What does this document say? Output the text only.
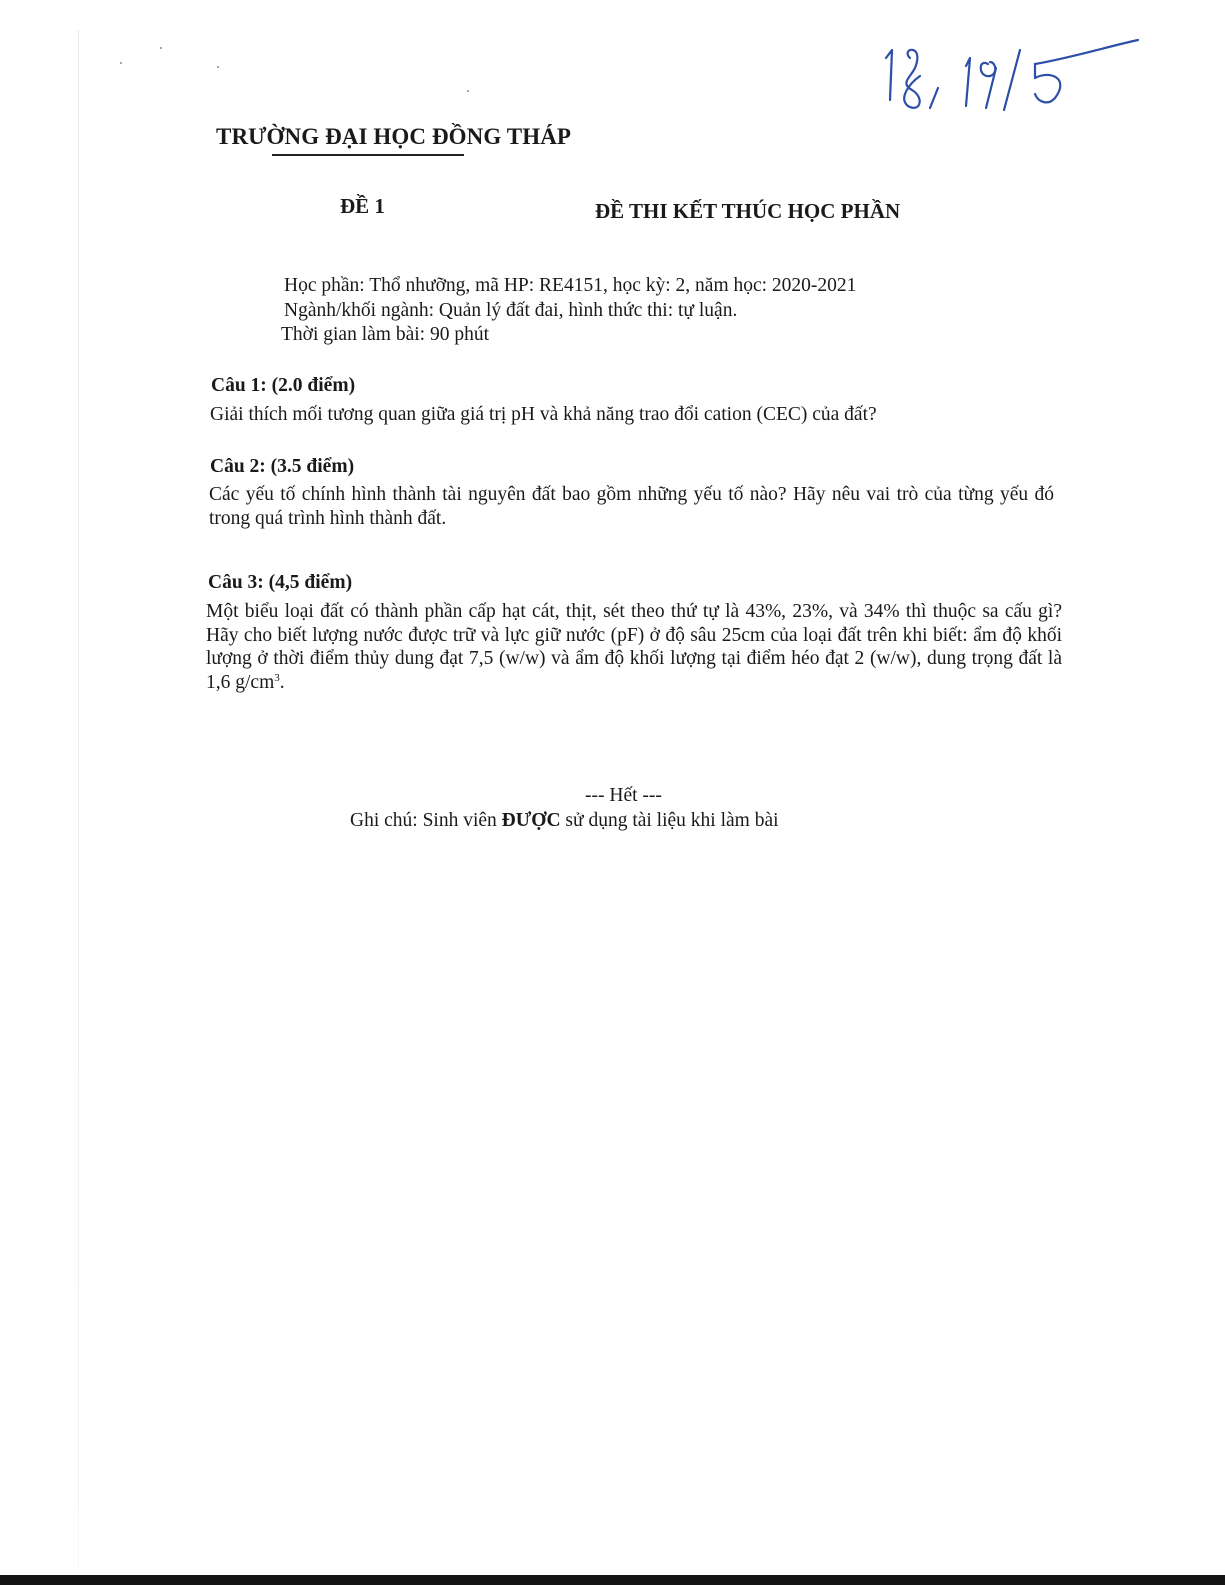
TRƯỜNG ĐẠI HỌC ĐỒNG THÁP
ĐỀ 1	ĐỀ THI KẾT THÚC HỌC PHẦN
Học phần: Thổ nhưỡng, mã HP: RE4151, học kỳ: 2, năm học: 2020-2021
Ngành/khối ngành: Quản lý đất đai, hình thức thi: tự luận.
Thời gian làm bài: 90 phút
Câu 1: (2.0 điểm)
Giải thích mối tương quan giữa giá trị pH và khả năng trao đổi cation (CEC) của đất?
Câu 2: (3.5 điểm)
Các yếu tố chính hình thành tài nguyên đất bao gồm những yếu tố nào? Hãy nêu vai trò của từng yếu đó trong quá trình hình thành đất.
Câu 3: (4,5 điểm)
Một biểu loại đất có thành phần cấp hạt cát, thịt, sét theo thứ tự là 43%, 23%, và 34% thì thuộc sa cấu gì? Hãy cho biết lượng nước được trữ và lực giữ nước (pF) ở độ sâu 25cm của loại đất trên khi biết: ẩm độ khối lượng ở thời điểm thủy dung đạt 7,5 (w/w) và ẩm độ khối lượng tại điểm héo đạt 2 (w/w), dung trọng đất là 1,6 $g/cm^3$.
--- Hết ---
Ghi chú: Sinh viên ĐƯỢC sử dụng tài liệu khi làm bài
